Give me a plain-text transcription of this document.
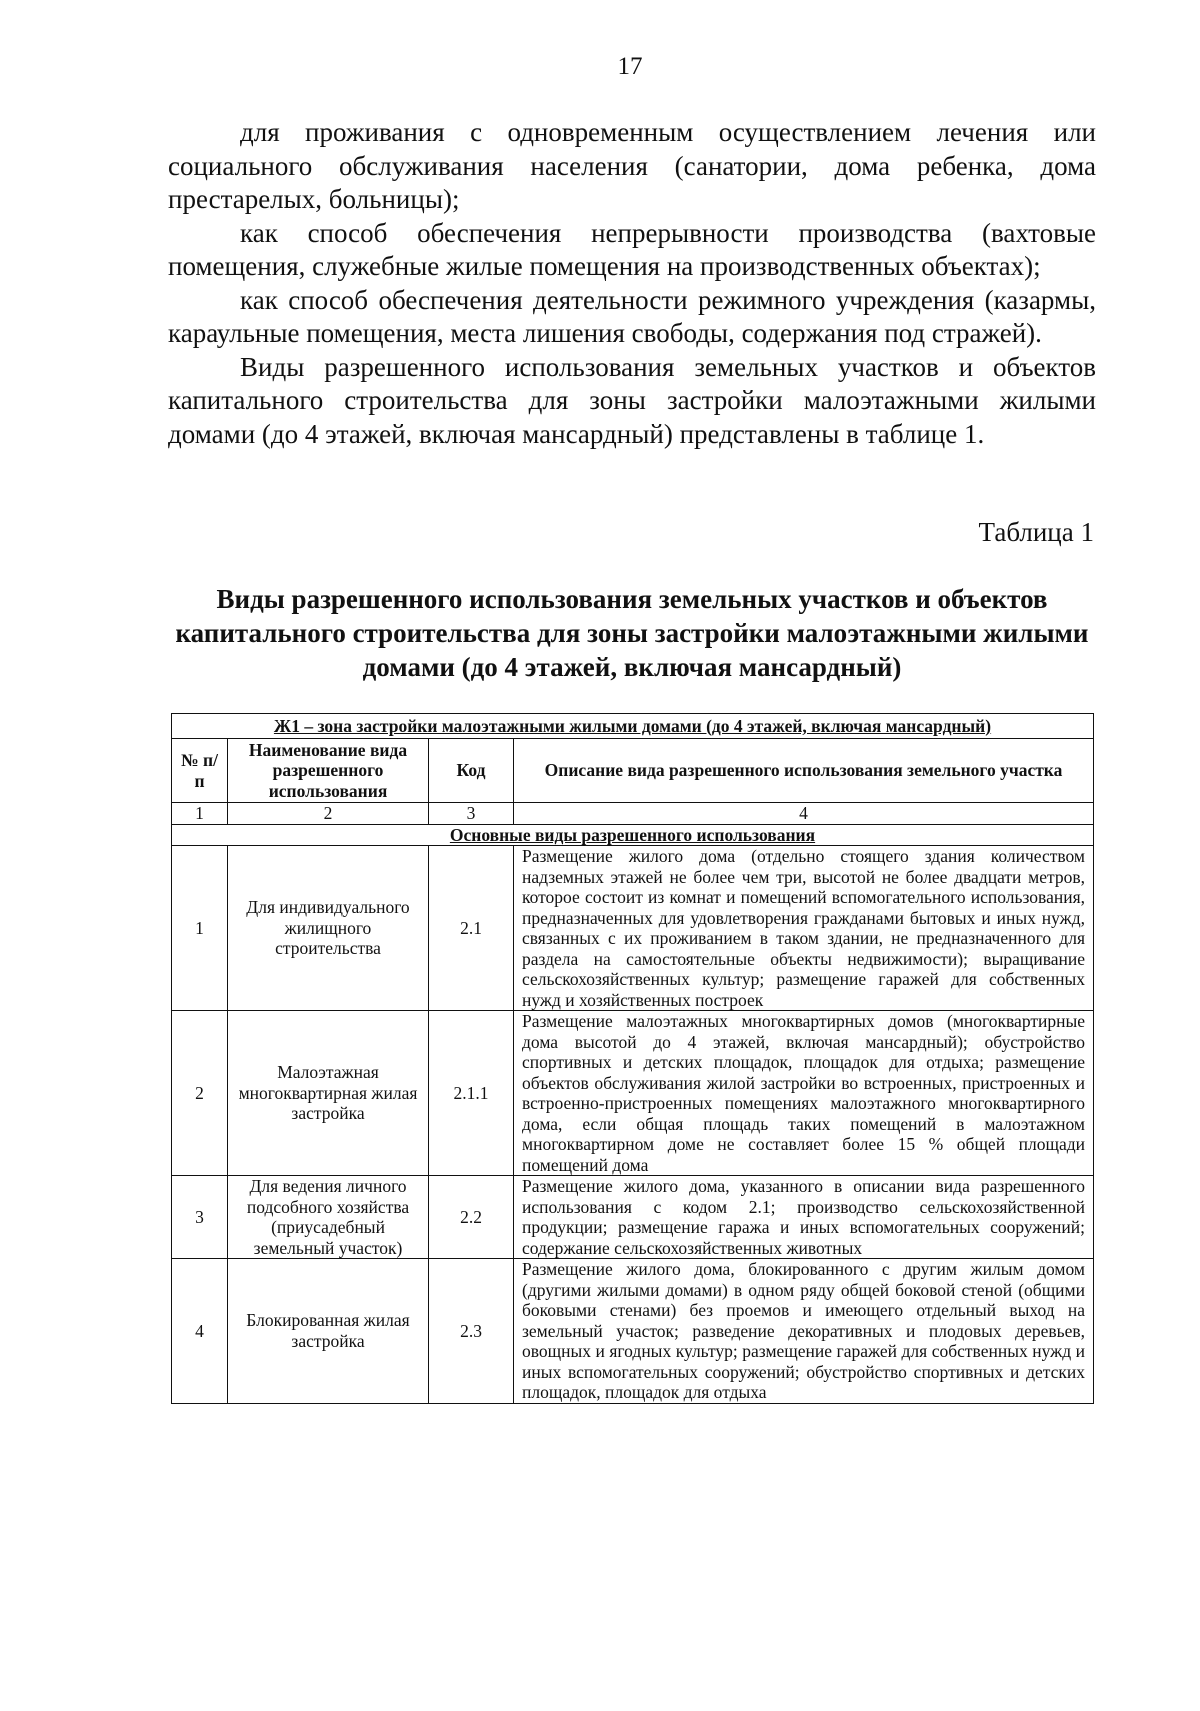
17

для проживания с одновременным осуществлением лечения или социального обслуживания населения (санатории, дома ребенка, дома престарелых, больницы);

как способ обеспечения непрерывности производства (вахтовые помещения, служебные жилые помещения на производственных объектах);

как способ обеспечения деятельности режимного учреждения (казармы, караульные помещения, места лишения свободы, содержания под стражей).

Виды разрешенного использования земельных участков и объектов капитального строительства для зоны застройки малоэтажными жилыми домами (до 4 этажей, включая мансардный) представлены в таблице 1.

Таблица 1
Виды разрешенного использования земельных участков и объектов капитального строительства для зоны застройки малоэтажными жилыми домами (до 4 этажей, включая мансардный)
Ж1 – зона застройки малоэтажными жилыми домами (до 4 этажей, включая мансардный)			
№ п/п	Наименование вида разрешенного использования	Код	Описание вида разрешенного использования земельного участка
1	2	3	4
Основные виды разрешенного использования			
1	Для индивидуального жилищного строительства	2.1	Размещение жилого дома (отдельно стоящего здания количеством надземных этажей не более чем три, высотой не более двадцати метров, которое состоит из комнат и помещений вспомогательного использования, предназначенных для удовлетворения гражданами бытовых и иных нужд, связанных с их проживанием в таком здании, не предназначенного для раздела на самостоятельные объекты недвижимости); выращивание сельскохозяйственных культур; размещение гаражей для собственных нужд и хозяйственных построек
2	Малоэтажная многоквартирная жилая застройка	2.1.1	Размещение малоэтажных многоквартирных домов (многоквартирные дома высотой до 4 этажей, включая мансардный); обустройство спортивных и детских площадок, площадок для отдыха; размещение объектов обслуживания жилой застройки во встроенных, пристроенных и встроенно-пристроенных помещениях малоэтажного многоквартирного дома, если общая площадь таких помещений в малоэтажном многоквартирном доме не составляет более 15 % общей площади помещений дома
3	Для ведения личного подсобного хозяйства (приусадебный земельный участок)	2.2	Размещение жилого дома, указанного в описании вида разрешенного использования с кодом 2.1; производство сельскохозяйственной продукции; размещение гаража и иных вспомогательных сооружений; содержание сельскохозяйственных животных
4	Блокированная жилая застройка	2.3	Размещение жилого дома, блокированного с другим жилым домом (другими жилыми домами) в одном ряду общей боковой стеной (общими боковыми стенами) без проемов и имеющего отдельный выход на земельный участок; разведение декоративных и плодовых деревьев, овощных и ягодных культур; размещение гаражей для собственных нужд и иных вспомогательных сооружений; обустройство спортивных и детских площадок, площадок для отдыха
